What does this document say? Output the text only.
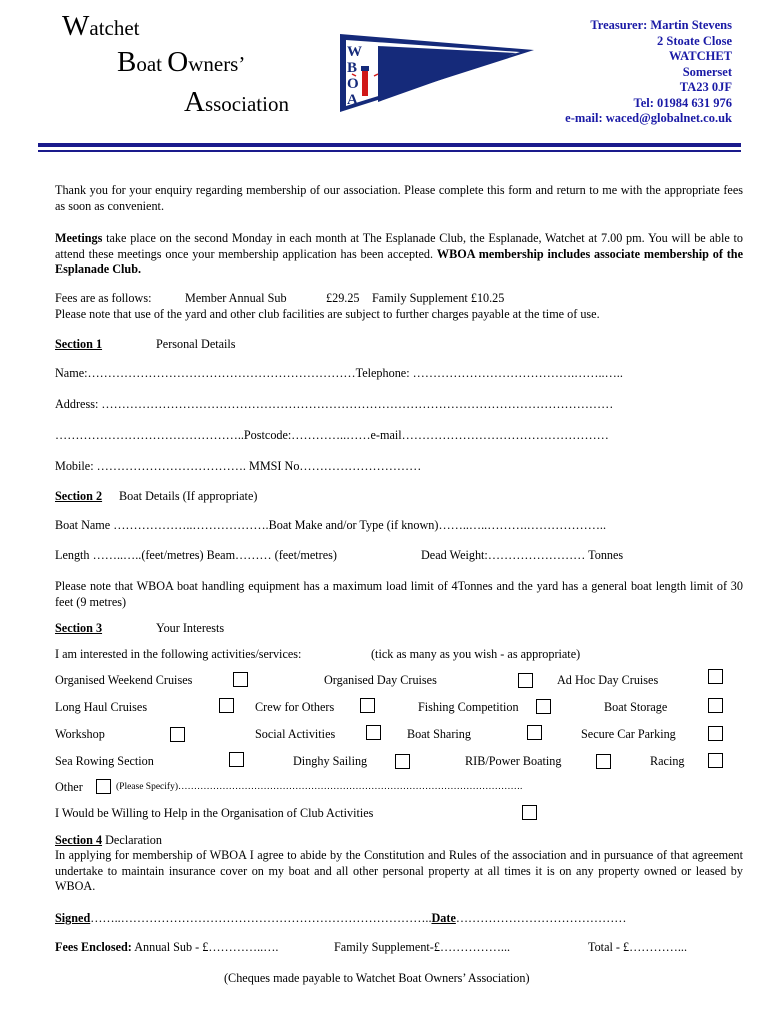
Watchet
Boat Owners’
Association
W
B
O
A
Treasurer: Martin Stevens
2 Stoate Close
WATCHET
Somerset
TA23 0JF
Tel: 01984 631 976
e-mail: waced@globalnet.co.uk
Thank you for your enquiry regarding membership of our association. Please complete this form and return to me with the appropriate fees as soon as convenient.
Meetings take place on the second Monday in each month at The Esplanade Club, the Esplanade, Watchet at 7.00 pm. You will be able to attend these meetings once your membership application has been accepted. WBOA membership includes associate membership of the Esplanade Club.
Fees are as follows:	Member Annual Sub	£29.25 Family Supplement £10.25
Please note that use of the yard and other club facilities are subject to further charges payable at the time of use.
Section 1	Personal Details
Name:…………………………………………………………Telephone: ………………………………….……..…..
Address: ………………………………………………………………………………………………………………
………………………………………..Postcode:…………..……e-mail……………………………………………
Mobile: ………………………………. MMSI No…………………………
Section 2 Boat Details (If appropriate)
Boat Name ………………..……………….Boat Make and/or Type (if known)……..…..……….………………..
Length ……..…..(feet/metres) Beam……… (feet/metres)	Dead Weight:…………………… Tonnes
Please note that WBOA boat handling equipment has a maximum load limit of 4Tonnes and the yard has a general boat length limit of 30 feet (9 metres)
Section 3	Your Interests
I am interested in the following activities/services:	(tick as many as you wish - as appropriate)
Organised Weekend Cruises	Organised Day Cruises	Ad Hoc Day Cruises
Long Haul Cruises	Crew for Others	Fishing Competition	Boat Storage
Workshop	Social Activities	Boat Sharing	Secure Car Parking
Sea Rowing Section	Dinghy Sailing	RIB/Power Boating	Racing
Other	(Please Specify)……………………………………………………………………………………………….
I Would be Willing to Help in the Organisation of Club Activities
Section 4 Declaration
In applying for membership of WBOA I agree to abide by the Constitution and Rules of the association and in pursuance of that agreement undertake to maintain insurance cover on my boat and all other personal property at all times it is on any property owned or leased by WBOA.
Signed……..…………………………………………………………………..Date……………………………………
Fees Enclosed: Annual Sub - £…………..….	Family Supplement-£……………...	Total - £…………...
(Cheques made payable to Watchet Boat Owners’ Association)
